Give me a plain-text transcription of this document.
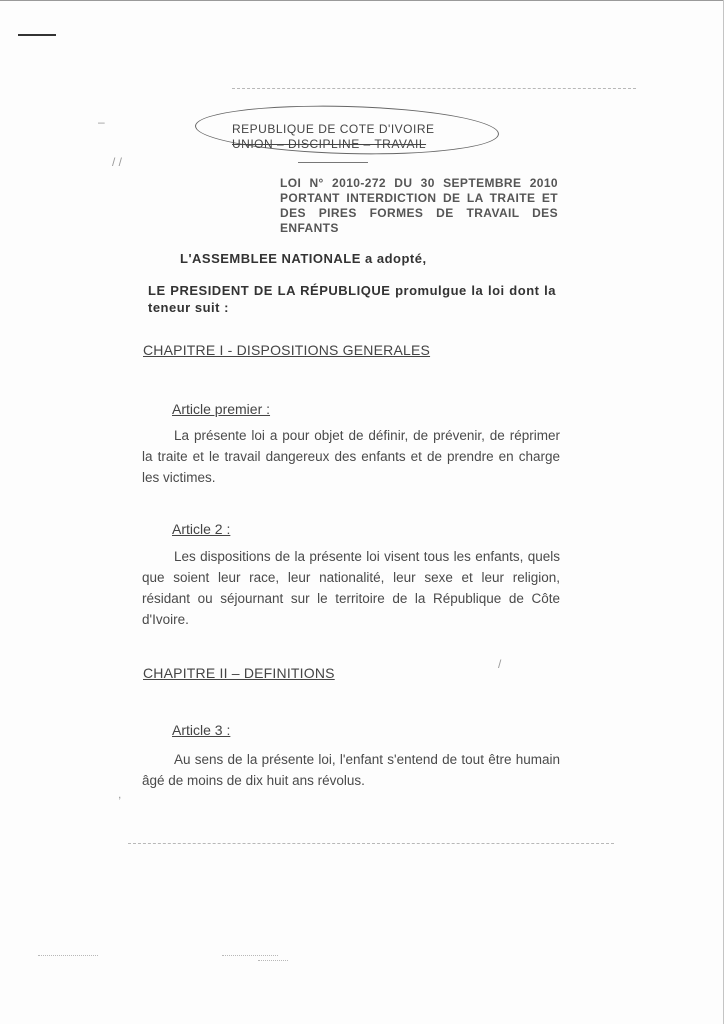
–
/ /
/
,
REPUBLIQUE DE COTE D'IVOIRE
UNION – DISCIPLINE – TRAVAIL
LOI N° 2010-272 DU 30 SEPTEMBRE 2010 PORTANT INTERDICTION DE LA TRAITE ET DES PIRES FORMES DE TRAVAIL DES ENFANTS
L'ASSEMBLEE NATIONALE a adopté,
LE PRESIDENT DE LA RÉPUBLIQUE promulgue la loi dont la teneur suit :
CHAPITRE I - DISPOSITIONS GENERALES
Article premier :
La présente loi a pour objet de définir, de prévenir, de réprimer la traite et le travail dangereux des enfants et de prendre en charge les victimes.
Article 2 :
Les dispositions de la présente loi visent tous les enfants, quels que soient leur race, leur nationalité, leur sexe et leur religion, résidant ou séjournant sur le territoire de la République de Côte d'Ivoire.
CHAPITRE II – DEFINITIONS
Article 3 :
Au sens de la présente loi, l'enfant s'entend de tout être humain âgé de moins de dix huit ans révolus.
